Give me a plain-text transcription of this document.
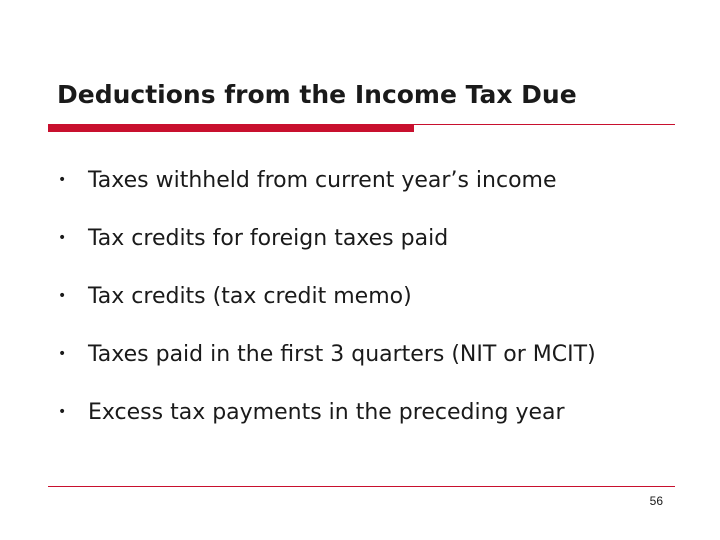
Deductions from the Income Tax Due
• Taxes withheld from current year’s income
• Tax credits for foreign taxes paid
• Tax credits (tax credit memo)
• Taxes paid in the first 3 quarters (NIT or MCIT)
• Excess tax payments in the preceding year
56
